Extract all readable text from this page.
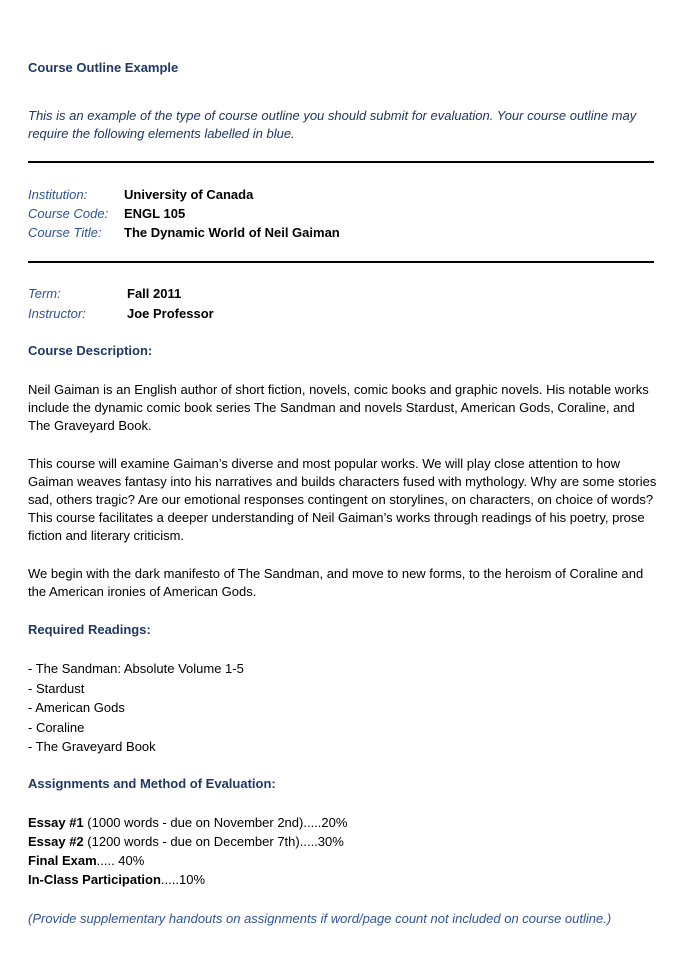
Course Outline Example
This is an example of the type of course outline you should submit for evaluation. Your course outline may require the following elements labelled in blue.
Institution:	University of Canada
Course Code: ENGL 105
Course Title: The Dynamic World of Neil Gaiman
Term:	Fall 2011
Instructor:	Joe Professor
Course Description:

Neil Gaiman is an English author of short fiction, novels, comic books and graphic novels. His notable works include the dynamic comic book series The Sandman and novels Stardust, American Gods, Coraline, and The Graveyard Book.

This course will examine Gaiman’s diverse and most popular works. We will play close attention to how Gaiman weaves fantasy into his narratives and builds characters fused with mythology. Why are some stories sad, others tragic? Are our emotional responses contingent on storylines, on characters, on choice of words? This course facilitates a deeper understanding of Neil Gaiman’s works through readings of his poetry, prose fiction and literary criticism.

We begin with the dark manifesto of The Sandman, and move to new forms, to the heroism of Coraline and the American ironies of American Gods.

Required Readings:
- The Sandman: Absolute Volume 1-5
- Stardust
- American Gods
- Coraline
- The Graveyard Book
Assignments and Method of Evaluation:
Essay #1 (1000 words - due on November 2nd).....20%
Essay #2 (1200 words - due on December 7th).....30%
Final Exam..... 40%
In-Class Participation.....10%
(Provide supplementary handouts on assignments if word/page count not included on course outline.)
